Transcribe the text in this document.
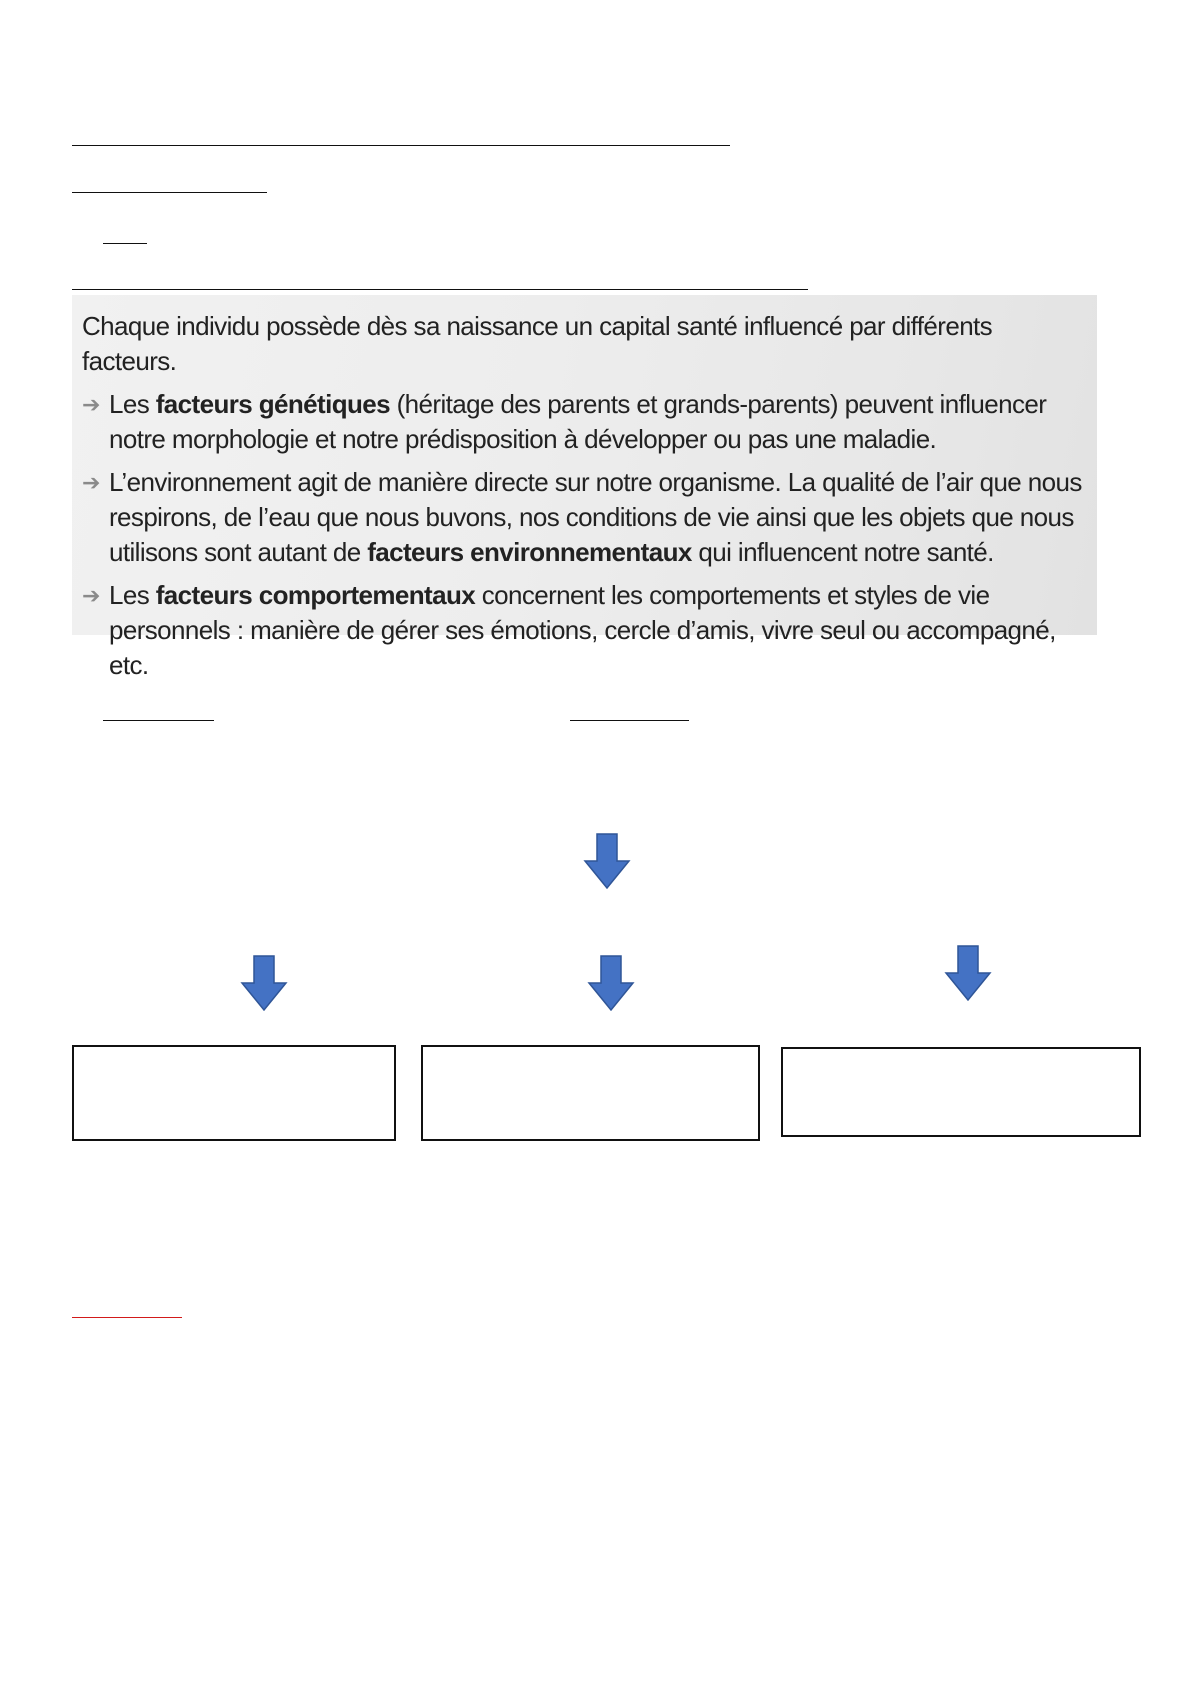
Chaque individu possède dès sa naissance un capital santé influencé par différents facteurs.

➔ Les facteurs génétiques (héritage des parents et grands-parents) peuvent influencer notre morphologie et notre prédisposition à développer ou pas une maladie.

➔ L’environnement agit de manière directe sur notre organisme. La qualité de l’air que nous respirons, de l’eau que nous buvons, nos conditions de vie ainsi que les objets que nous utilisons sont autant de facteurs environnementaux qui influencent notre santé.

➔ Les facteurs comportementaux concernent les comportements et styles de vie personnels : manière de gérer ses émotions, cercle d’amis, vivre seul ou accompagné, etc.
